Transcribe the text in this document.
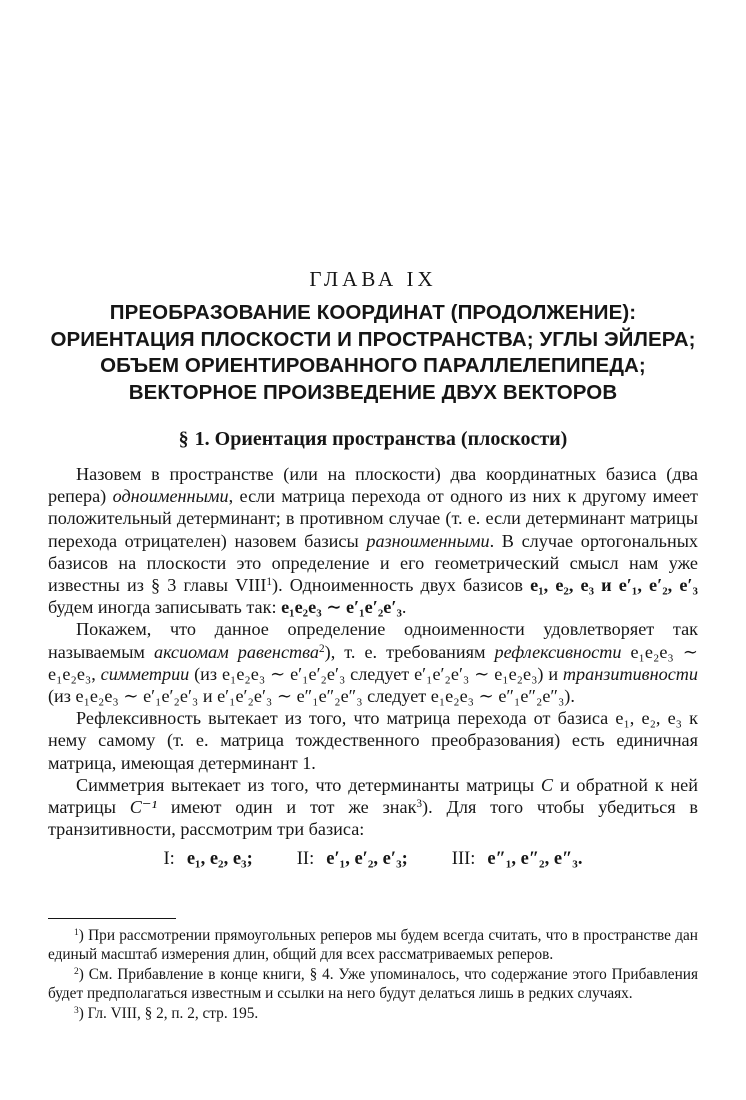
ГЛАВА IX
ПРЕОБРАЗОВАНИЕ КООРДИНАТ (ПРОДОЛЖЕНИЕ):
ОРИЕНТАЦИЯ ПЛОСКОСТИ И ПРОСТРАНСТВА; УГЛЫ ЭЙЛЕРА;
ОБЪЕМ ОРИЕНТИРОВАННОГО ПАРАЛЛЕЛЕПИПЕДА;
ВЕКТОРНОЕ ПРОИЗВЕДЕНИЕ ДВУХ ВЕКТОРОВ
§ 1. Ориентация пространства (плоскости)

Назовем в пространстве (или на плоскости) два координатных базиса (два репера) одноименными, если матрица перехода от одного из них к другому имеет положительный детерминант; в противном случае (т. е. если детерминант матрицы перехода отрицателен) назовем базисы разноименными. В случае ортогональных базисов на плоскости это определение и его геометрический смысл нам уже известны из § 3 главы VIII$^1$). Одноименность двух базисов e₁, e₂, e₃ и e′₁, e′₂, e′₃ будем иногда записывать так: e₁e₂e₃ ∼ e′₁e′₂e′₃.

Покажем, что данное определение одноименности удовлетворяет так называемым аксиомам равенства$^2$), т. е. требованиям рефлексивности e₁e₂e₃ ∼ e₁e₂e₃, симметрии (из e₁e₂e₃ ∼ e′₁e′₂e′₃ следует e′₁e′₂e′₃ ∼ e₁e₂e₃) и транзитивности (из e₁e₂e₃ ∼ e′₁e′₂e′₃ и e′₁e′₂e′₃ ∼ e″₁e″₂e″₃ следует e₁e₂e₃ ∼ e″₁e″₂e″₃).

Рефлексивность вытекает из того, что матрица перехода от базиса e₁, e₂, e₃ к нему самому (т. е. матрица тождественного преобразования) есть единичная матрица, имеющая детерминант 1.

Симметрия вытекает из того, что детерминанты матрицы C и обратной к ней матрицы C⁻¹ имеют один и тот же знак$^3$). Для того чтобы убедиться в транзитивности, рассмотрим три базиса:

I: e₁, e₂, e₃; II: e′₁, e′₂, e′₃; III: e″₁, e″₂, e″₃.

$^1$) При рассмотрении прямоугольных реперов мы будем всегда считать, что в пространстве дан единый масштаб измерения длин, общий для всех рассматриваемых реперов.

$^2$) См. Прибавление в конце книги, § 4. Уже упоминалось, что содержание этого Прибавления будет предполагаться известным и ссылки на него будут делаться лишь в редких случаях.

$^3$) Гл. VIII, § 2, п. 2, стр. 195.
